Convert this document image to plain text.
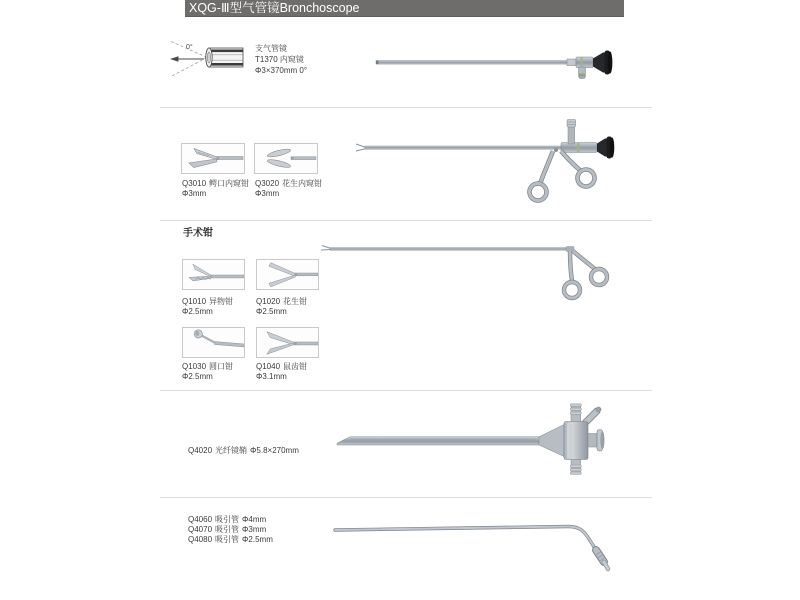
XQG-Ⅲ型气管镜Bronchoscope
0°	支气管镜
T1370 内窥镜
Φ3×370mm 0°
Q3010 鳄口内窥钳
Φ3mm
Q3020 花生内窥钳
Φ3mm
手术钳
Q1010 异物钳
Φ2.5mm
Q1020 花生钳
Φ2.5mm
Q1030 圆口钳
Φ2.5mm
Q1040 鼠齿钳
Φ3.1mm
Q4020 光纤镜鞘 Φ5.8×270mm
Q4060 吸引管 Φ4mm
Q4070 吸引管 Φ3mm
Q4080 吸引管 Φ2.5mm
